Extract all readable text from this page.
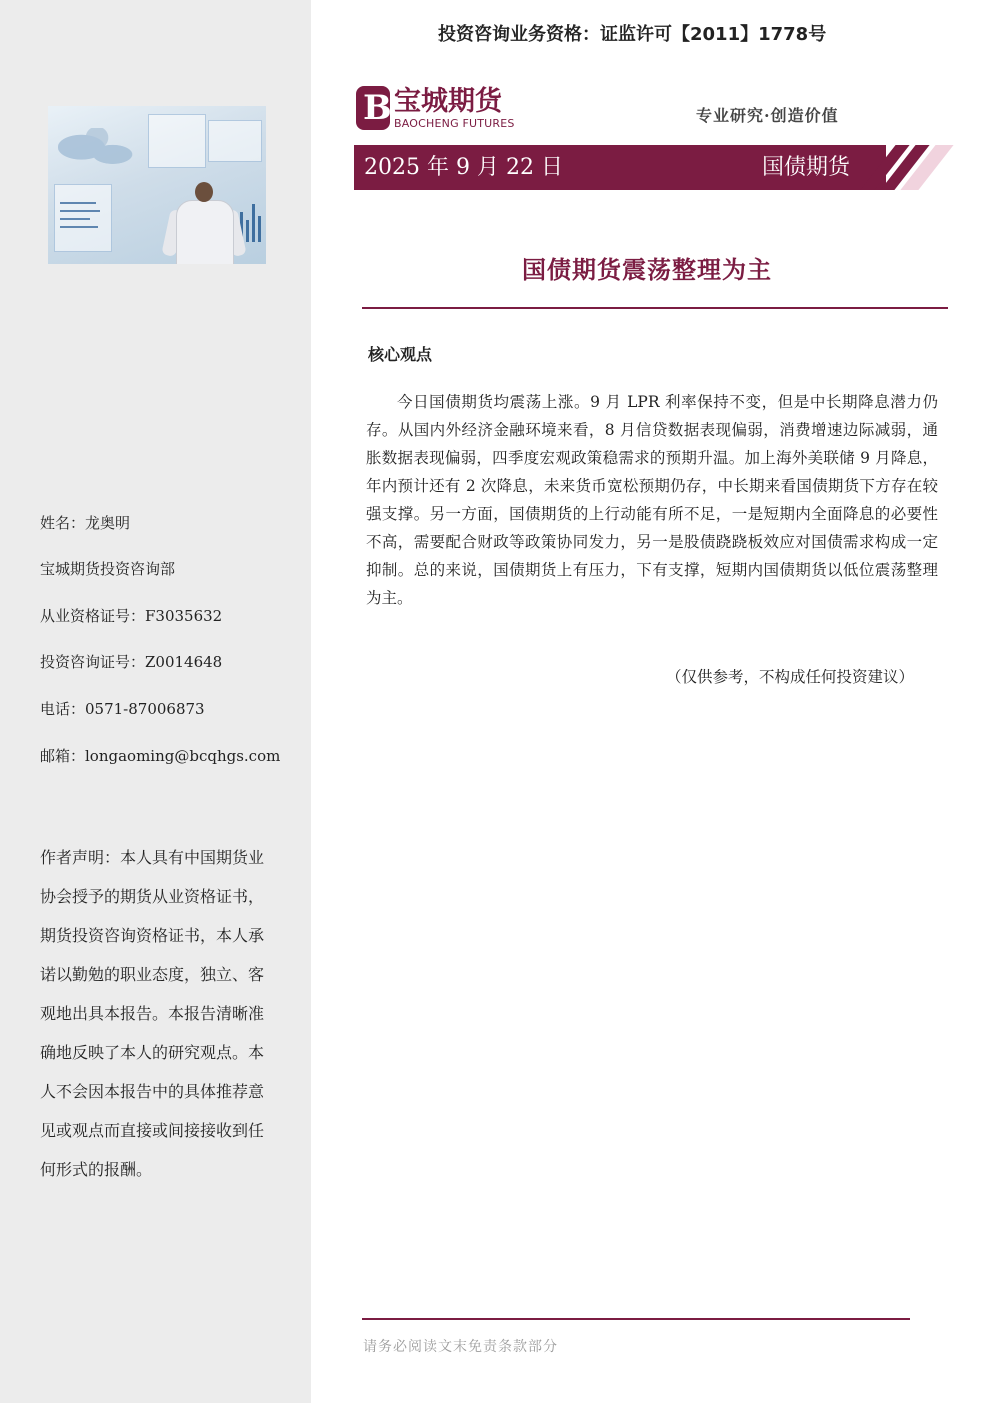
姓名：龙奥明
宝城期货投资咨询部
从业资格证号：F3035632
投资咨询证号：Z0014648
电话：0571-87006873
邮箱：longaoming@bcqhgs.com
作者声明：本人具有中国期货业协会授予的期货从业资格证书，期货投资咨询资格证书，本人承诺以勤勉的职业态度，独立、客观地出具本报告。本报告清晰准确地反映了本人的研究观点。本人不会因本报告中的具体推荐意见或观点而直接或间接接收到任何形式的报酬。
投资咨询业务资格：证监许可【2011】1778号
B 宝城期货
BAOCHENG FUTURES	专业研究·创造价值
2025 年 9 月 22 日	国债期货
国债期货震荡整理为主
核心观点

今日国债期货均震荡上涨。9 月 LPR 利率保持不变，但是中长期降息潜力仍存。从国内外经济金融环境来看，8 月信贷数据表现偏弱，消费增速边际减弱，通胀数据表现偏弱，四季度宏观政策稳需求的预期升温。加上海外美联储 9 月降息，年内预计还有 2 次降息，未来货币宽松预期仍存，中长期来看国债期货下方存在较强支撑。另一方面，国债期货的上行动能有所不足，一是短期内全面降息的必要性不高，需要配合财政等政策协同发力，另一是股债跷跷板效应对国债需求构成一定抑制。总的来说，国债期货上有压力，下有支撑，短期内国债期货以低位震荡整理为主。

（仅供参考，不构成任何投资建议）
请务必阅读文末免责条款部分
